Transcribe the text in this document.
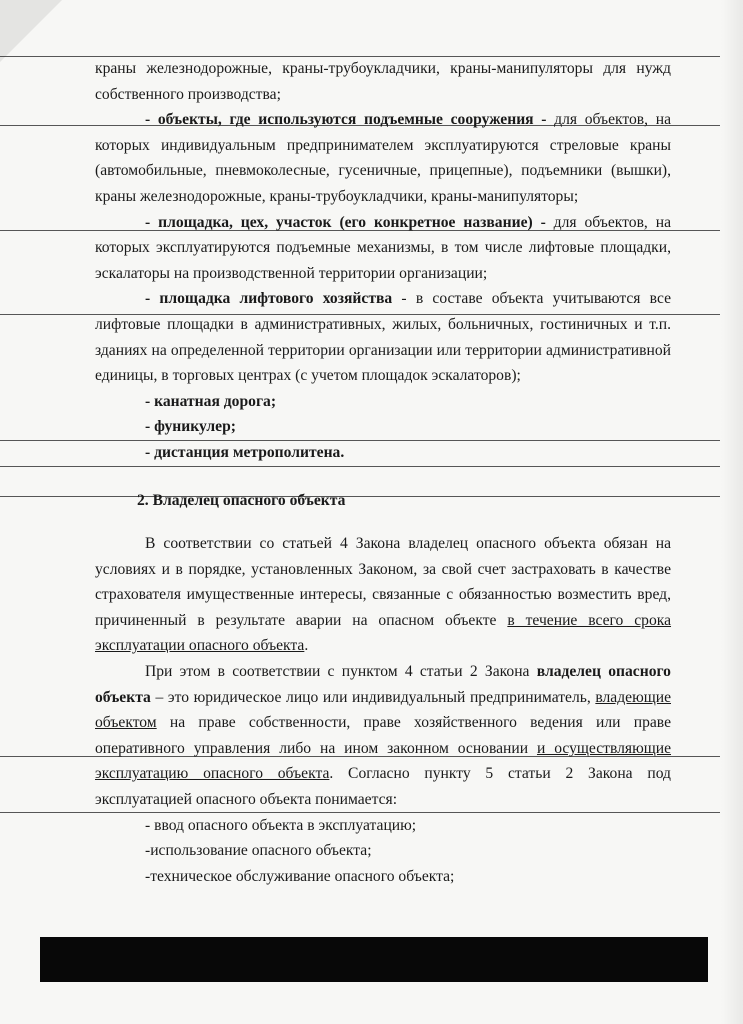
краны железнодорожные, краны-трубоукладчики, краны-манипуляторы для нужд собственного производства;

- объекты, где используются подъемные сооружения - для объектов, на которых индивидуальным предпринимателем эксплуатируются стреловые краны (автомобильные, пневмоколесные, гусеничные, прицепные), подъемники (вышки), краны железнодорожные, краны-трубоукладчики, краны-манипуляторы;

- площадка, цех, участок (его конкретное название) - для объектов, на которых эксплуатируются подъемные механизмы, в том числе лифтовые площадки, эскалаторы на производственной территории организации;

- площадка лифтового хозяйства - в составе объекта учитываются все лифтовые площадки в административных, жилых, больничных, гостиничных и т.п. зданиях на определенной территории организации или территории административной единицы, в торговых центрах (с учетом площадок эскалаторов);

- канатная дорога;

- фуникулер;

- дистанция метрополитена.

2. Владелец опасного объекта

В соответствии со статьей 4 Закона владелец опасного объекта обязан на условиях и в порядке, установленных Законом, за свой счет застраховать в качестве страхователя имущественные интересы, связанные с обязанностью возместить вред, причиненный в результате аварии на опасном объекте в течение всего срока эксплуатации опасного объекта.

При этом в соответствии с пунктом 4 статьи 2 Закона владелец опасного объекта – это юридическое лицо или индивидуальный предприниматель, владеющие объектом на праве собственности, праве хозяйственного ведения или праве оперативного управления либо на ином законном основании и осуществляющие эксплуатацию опасного объекта. Согласно пункту 5 статьи 2 Закона под эксплуатацией опасного объекта понимается:

- ввод опасного объекта в эксплуатацию;

-использование опасного объекта;

-техническое обслуживание опасного объекта;
